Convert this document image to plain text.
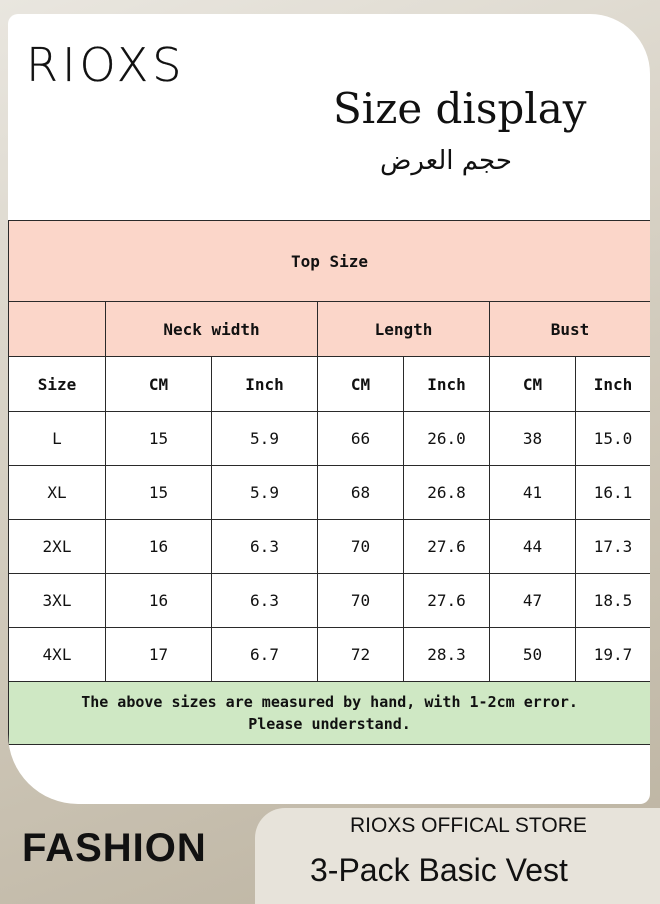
RIOXS
Size display
حجم العرض
Top Size						
	Neck width		Length		Bust	
Size	CM	Inch	CM	Inch	CM	Inch
L	15	5.9	66	26.0	38	15.0
XL	15	5.9	68	26.8	41	16.1
2XL	16	6.3	70	27.6	44	17.3
3XL	16	6.3	70	27.6	47	18.5
4XL	17	6.7	72	28.3	50	19.7

The above sizes are measured by hand, with 1-2cm error.
Please understand.						
FASHION
RIOXS OFFICAL STORE
3-Pack Basic Vest
